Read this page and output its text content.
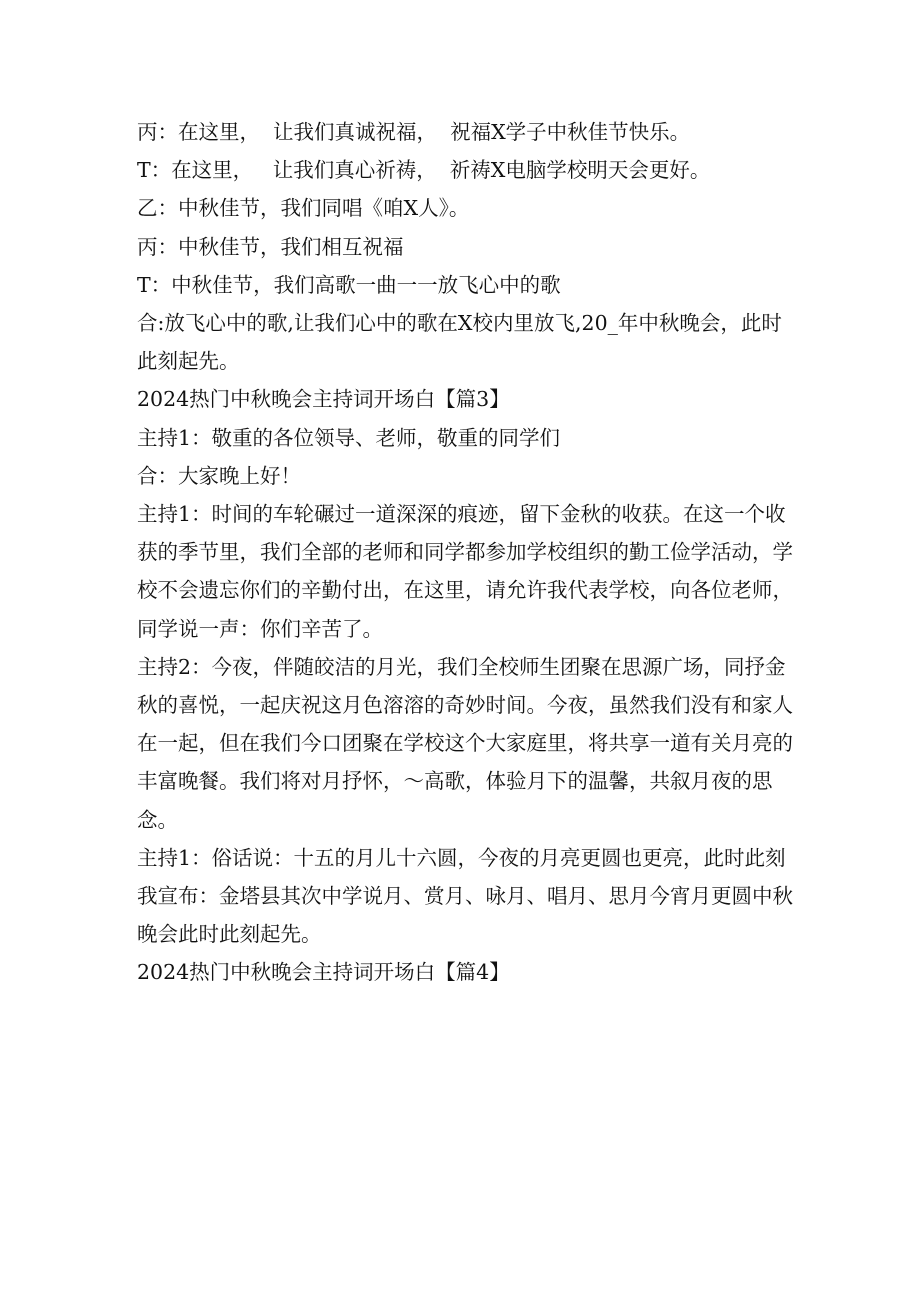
丙：在这里，  让我们真诚祝福，  祝福X学子中秋佳节快乐。

T：在这里，   让我们真心祈祷，  祈祷X电脑学校明天会更好。

乙：中秋佳节，我们同唱《咱X人》。

丙：中秋佳节，我们相互祝福

T：中秋佳节，我们高歌一曲一一放飞心中的歌

合:放飞心中的歌,让我们心中的歌在X校内里放飞,20_年中秋晚会，此时此刻起先。

2024热门中秋晚会主持词开场白【篇3】

主持1：敬重的各位领导、老师，敬重的同学们

合：大家晚上好！

主持1：时间的车轮碾过一道深深的痕迹，留下金秋的收获。在这一个收获的季节里，我们全部的老师和同学都参加学校组织的勤工俭学活动，学校不会遗忘你们的辛勤付出，在这里，请允许我代表学校，向各位老师，同学说一声：你们辛苦了。

主持2：今夜，伴随皎洁的月光，我们全校师生团聚在思源广场，同抒金秋的喜悦，一起庆祝这月色溶溶的奇妙时间。今夜，虽然我们没有和家人在一起，但在我们今口团聚在学校这个大家庭里，将共享一道有关月亮的丰富晚餐。我们将对月抒怀，～高歌，体验月下的温馨，共叙月夜的思念。

主持1：俗话说：十五的月儿十六圆，今夜的月亮更圆也更亮，此时此刻我宣布：金塔县其次中学说月、赏月、咏月、唱月、思月今宵月更圆中秋晚会此时此刻起先。

2024热门中秋晚会主持词开场白【篇4】
